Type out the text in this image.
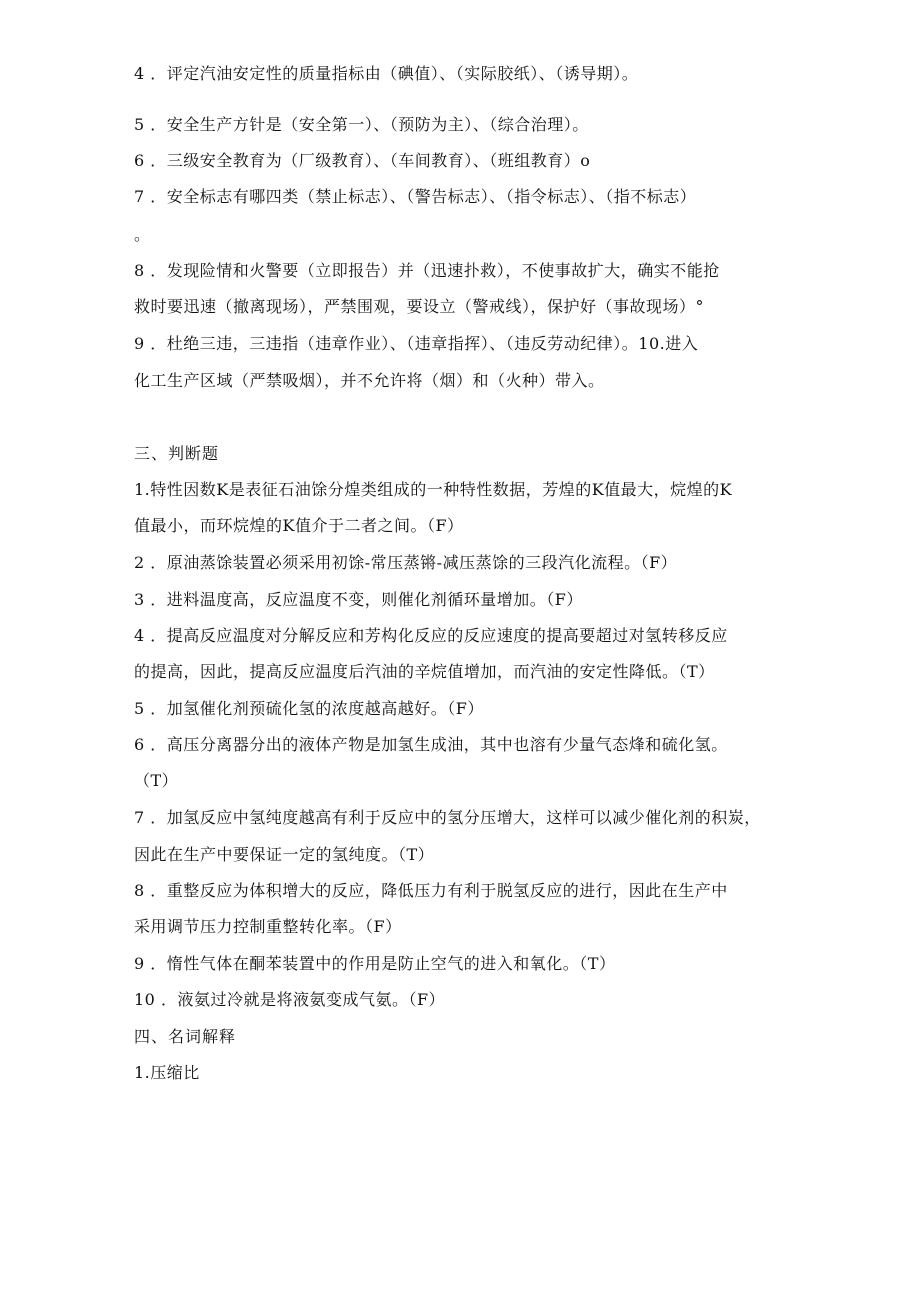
4 ．评定汽油安定性的质量指标由（碘值）、（实际胶纸）、（诱导期）。
5 ．安全生产方针是（安全第一）、（预防为主）、（综合治理）。
6 ．三级安全教育为（厂级教育）、（车间教育）、（班组教育）o
7 ．安全标志有哪四类（禁止标志）、（警告标志）、（指令标志）、（指不标志）
。
8 ．发现险情和火警要（立即报告）并（迅速扑救），不使事故扩大，确实不能抢
救时要迅速（撤离现场），严禁围观，要设立（警戒线），保护好（事故现场）°
9 ．杜绝三违，三违指（违章作业）、（违章指挥）、（违反劳动纪律）。10.进入
化工生产区域（严禁吸烟），并不允许将（烟）和（火种）带入。
三、判断题
1.特性因数K是表征石油馀分煌类组成的一种特性数据，芳煌的K值最大，烷煌的K
值最小，而环烷煌的K值介于二者之间。（F）
2 ．原油蒸馀装置必须采用初馀-常压蒸锵-减压蒸馀的三段汽化流程。（F）
3 ．进料温度高，反应温度不变，则催化剂循环量增加。（F）
4 ．提高反应温度对分解反应和芳构化反应的反应速度的提高要超过对氢转移反应
的提高，因此，提高反应温度后汽油的辛烷值增加，而汽油的安定性降低。（T）
5 ．加氢催化剂预硫化氢的浓度越高越好。（F）
6 ．高压分离器分出的液体产物是加氢生成油，其中也溶有少量气态烽和硫化氢。
（T）
7 ．加氢反应中氢纯度越高有利于反应中的氢分压增大，这样可以减少催化剂的积炭，
因此在生产中要保证一定的氢纯度。（T）
8 ．重整反应为体积增大的反应，降低压力有利于脱氢反应的进行，因此在生产中
采用调节压力控制重整转化率。（F）
9 ．惰性气体在酮苯装置中的作用是防止空气的进入和氧化。（T）
10 ．液氨过冷就是将液氨变成气氨。（F）
四、名词解释
1.压缩比
